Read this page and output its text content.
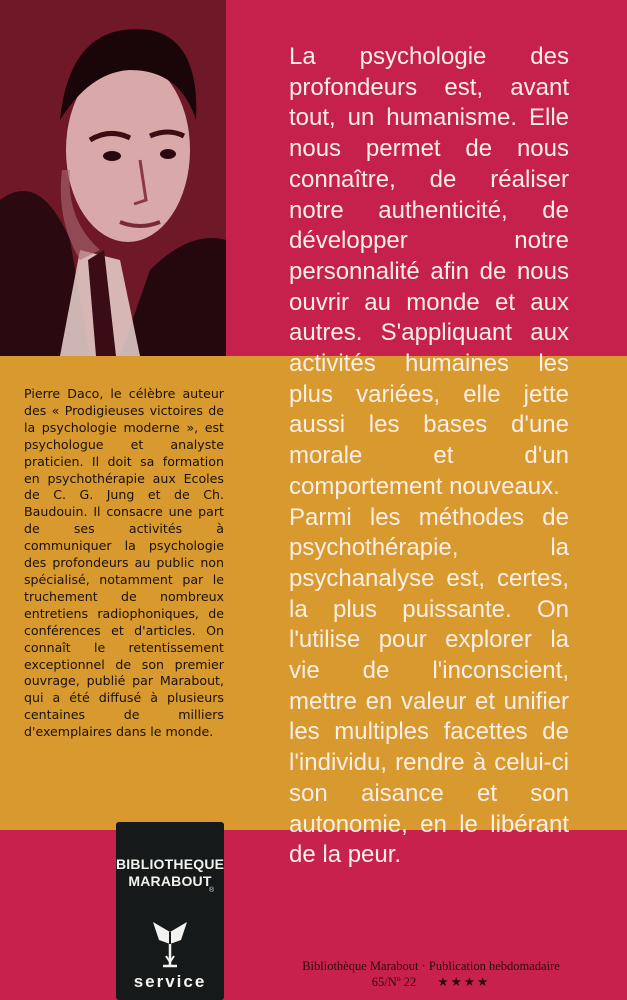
Pierre Daco, le célèbre auteur des « Prodigieuses victoires de la psychologie moderne », est psychologue et analyste praticien. Il doit sa formation en psychothérapie aux Ecoles de C. G. Jung et de Ch. Baudouin. Il consacre une part de ses activités à communiquer la psychologie des profondeurs au public non spécialisé, notamment par le truchement de nombreux entretiens radiophoniques, de conférences et d'articles. On connaît le retentissement exceptionnel de son premier ouvrage, publié par Marabout, qui a été diffusé à plusieurs centaines de milliers d'exemplaires dans le monde.

La psychologie des profondeurs est, avant tout, un humanisme. Elle nous permet de nous connaître, de réaliser notre authenticité, de développer notre personnalité afin de nous ouvrir au monde et aux autres. S'appliquant aux activités humaines les plus variées, elle jette aussi les bases d'une morale et d'un comportement nouveaux.

Parmi les méthodes de psychothérapie, la psychanalyse est, certes, la plus puissante. On l'utilise pour explorer la vie de l'inconscient, mettre en valeur et unifier les multiples facettes de l'individu, rendre à celui-ci son aisance et son autonomie, en le libérant de la peur.

BIBLIOTHEQUE
MARABOUT
®
service
Bibliothèque Marabout · Publication hebdomadaire
65/Nº 22 ★★★★
